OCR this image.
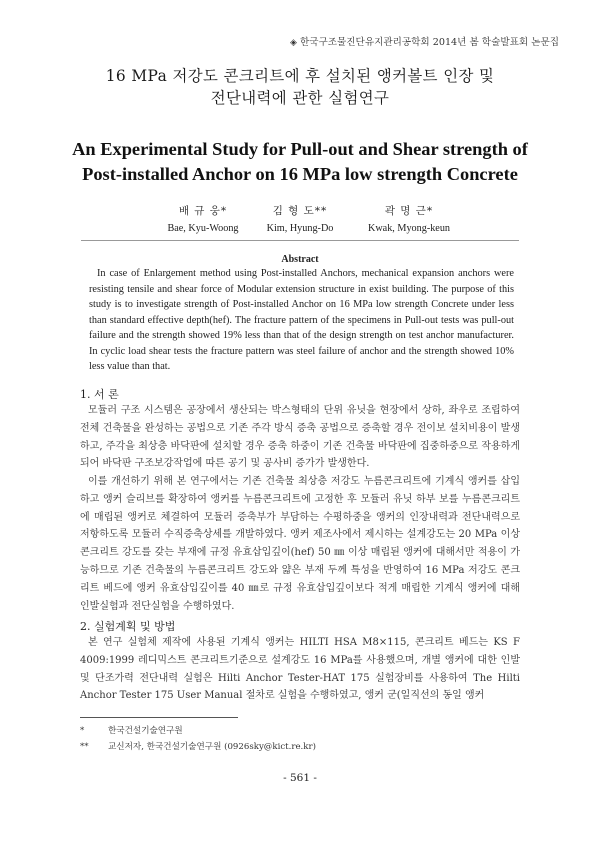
◈ 한국구조물진단유지관리공학회 2014년 봄 학술발표회 논문집
16 MPa 저강도 콘크리트에 후 설치된 앵커볼트 인장 및
전단내력에 관한 실험연구
An Experimental Study for Pull-out and Shear strength of
Post-installed Anchor on 16 MPa low strength Concrete
배 규 웅*
Bae, Kyu-Woong
김 형 도**
Kim, Hyung-Do
곽 명 근*
Kwak, Myong-keun
Abstract

In case of Enlargement method using Post-installed Anchors, mechanical expansion anchors were resisting tensile and shear force of Modular extension structure in exist building. The purpose of this study is to investigate strength of Post-installed Anchor on 16 MPa low strength Concrete under less than standard effective depth(hef). The fracture pattern of the specimens in Pull-out tests was pull-out failure and the strength showed 19% less than that of the design strength on test anchor manufacturer. In cyclic load shear tests the fracture pattern was steel failure of anchor and the strength showed 10% less value than that.

1. 서 론

모듈러 구조 시스템은 공장에서 생산되는 박스형태의 단위 유닛을 현장에서 상하, 좌우로 조립하여 전체 건축물을 완성하는 공법으로 기존 주각 방식 증축 공법으로 증축할 경우 전이보 설치비용이 발생하고, 주각을 최상층 바닥판에 설치할 경우 증축 하중이 기존 건축물 바닥판에 집중하중으로 작용하게 되어 바닥판 구조보강작업에 따른 공기 및 공사비 증가가 발생한다.

이를 개선하기 위해 본 연구에서는 기존 건축물 최상층 저강도 누름콘크리트에 기계식 앵커를 삽입하고 앵커 슬리브를 확장하여 앵커를 누름콘크리트에 고정한 후 모듈러 유닛 하부 보를 누름콘크리트에 매립된 앵커로 체결하여 모듈러 증축부가 부담하는 수평하중을 앵커의 인장내력과 전단내력으로 저항하도록 모듈러 수직증축상세를 개발하였다. 앵커 제조사에서 제시하는 설계강도는 20 MPa 이상 콘크리트 강도를 갖는 부재에 규정 유효삽입깊이(hef) 50 ㎜ 이상 매립된 앵커에 대해서만 적용이 가능하므로 기존 건축물의 누름콘크리트 강도와 얇은 부재 두께 특성을 반영하여 16 MPa 저강도 콘크리트 베드에 앵커 유효삽입깊이를 40 ㎜로 규정 유효삽입깊이보다 적게 매립한 기계식 앵커에 대해 인발실험과 전단실험을 수행하였다.

2. 실험계획 및 방법

본 연구 실험체 제작에 사용된 기계식 앵커는 HILTI HSA M8×115, 콘크리트 베드는 KS F 4009:1999 레디믹스트 콘크리트기준으로 설계강도 16 MPa를 사용했으며, 개별 앵커에 대한 인발 및 단조가력 전단내력 실험은 Hilti Anchor Tester-HAT 175 실험장비를 사용하여 The Hilti Anchor Tester 175 User Manual 절차로 실험을 수행하였고, 앵커 군(일직선의 동일 앵커

*	한국건설기술연구원
** 교신저자, 한국건설기술연구원 (0926sky@kict.re.kr)
- 561 -
